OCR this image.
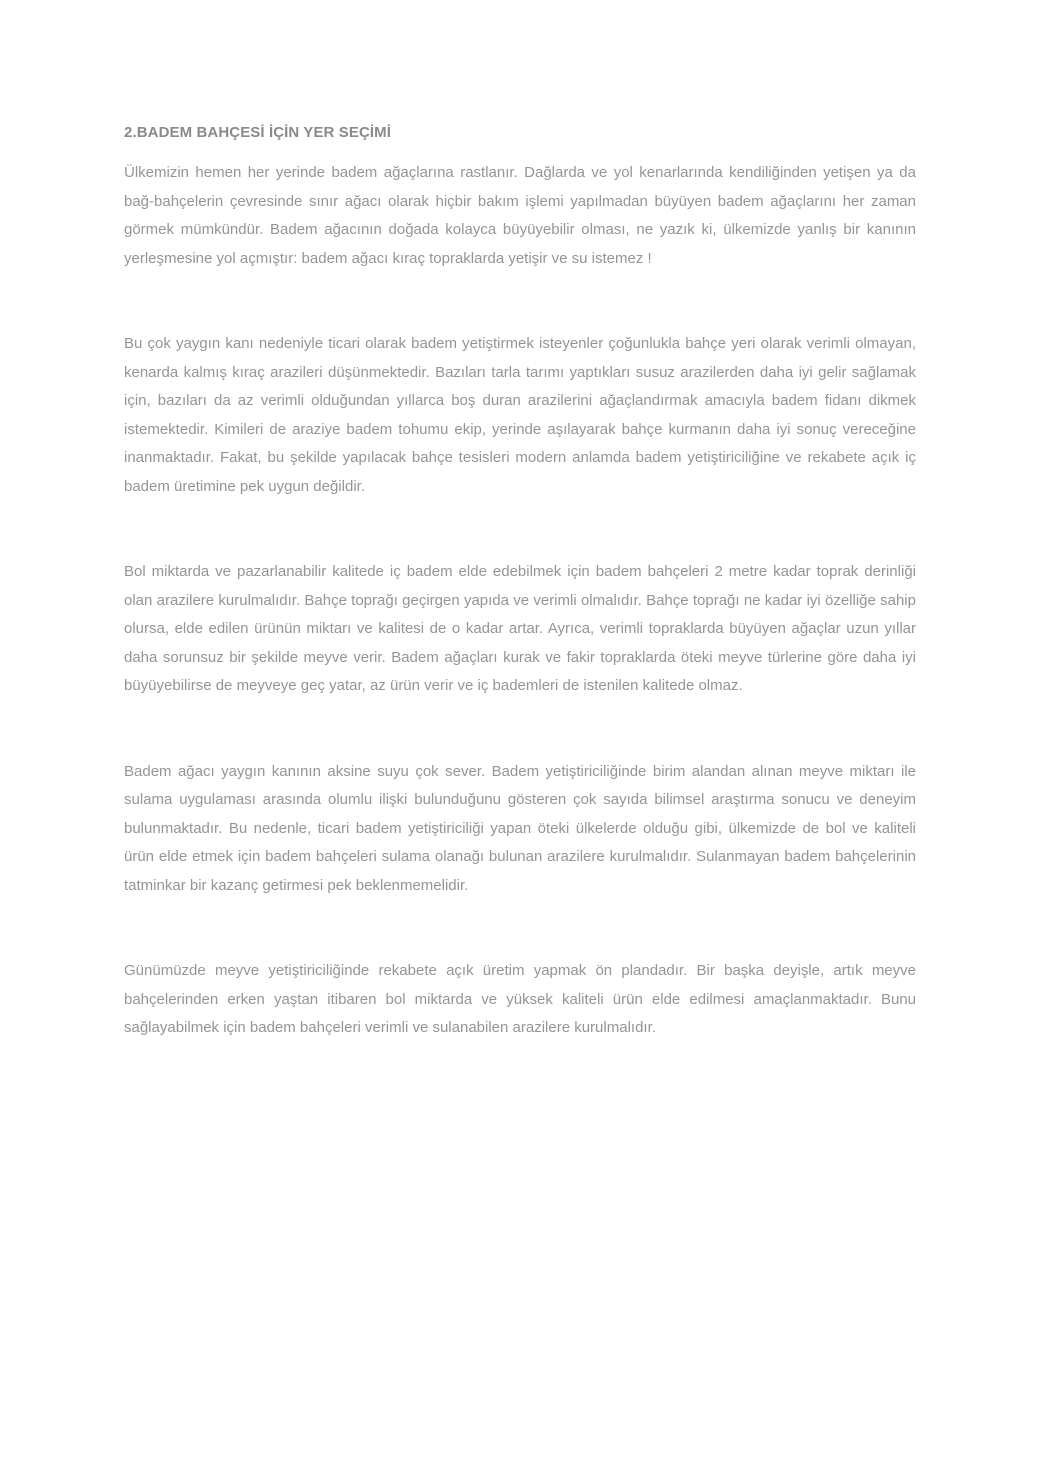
2.BADEM BAHÇESİ İÇİN YER SEÇİMİ

Ülkemizin hemen her yerinde badem ağaçlarına rastlanır. Dağlarda ve yol kenarlarında kendiliğinden yetişen ya da bağ-bahçelerin çevresinde sınır ağacı olarak hiçbir bakım işlemi yapılmadan büyüyen badem ağaçlarını her zaman görmek mümkündür. Badem ağacının doğada kolayca büyüyebilir olması, ne yazık ki, ülkemizde yanlış bir kanının yerleşmesine yol açmıştır: badem ağacı kıraç topraklarda yetişir ve su istemez !

Bu çok yaygın kanı nedeniyle ticari olarak badem yetiştirmek isteyenler çoğunlukla bahçe yeri olarak verimli olmayan, kenarda kalmış kıraç arazileri düşünmektedir. Bazıları tarla tarımı yaptıkları susuz arazilerden daha iyi gelir sağlamak için, bazıları da az verimli olduğundan yıllarca boş duran arazilerini ağaçlandırmak amacıyla badem fidanı dikmek istemektedir. Kimileri de araziye badem tohumu ekip, yerinde aşılayarak bahçe kurmanın daha iyi sonuç vereceğine inanmaktadır. Fakat, bu şekilde yapılacak bahçe tesisleri modern anlamda badem yetiştiriciliğine ve rekabete açık iç badem üretimine pek uygun değildir.

Bol miktarda ve pazarlanabilir kalitede iç badem elde edebilmek için badem bahçeleri 2 metre kadar toprak derinliği olan arazilere kurulmalıdır. Bahçe toprağı geçirgen yapıda ve verimli olmalıdır. Bahçe toprağı ne kadar iyi özelliğe sahip olursa, elde edilen ürünün miktarı ve kalitesi de o kadar artar. Ayrıca, verimli topraklarda büyüyen ağaçlar uzun yıllar daha sorunsuz bir şekilde meyve verir. Badem ağaçları kurak ve fakir topraklarda öteki meyve türlerine göre daha iyi büyüyebilirse de meyveye geç yatar, az ürün verir ve iç bademleri de istenilen kalitede olmaz.

Badem ağacı yaygın kanının aksine suyu çok sever. Badem yetiştiriciliğinde birim alandan alınan meyve miktarı ile sulama uygulaması arasında olumlu ilişki bulunduğunu gösteren çok sayıda bilimsel araştırma sonucu ve deneyim bulunmaktadır. Bu nedenle, ticari badem yetiştiriciliği yapan öteki ülkelerde olduğu gibi, ülkemizde de bol ve kaliteli ürün elde etmek için badem bahçeleri sulama olanağı bulunan arazilere kurulmalıdır. Sulanmayan badem bahçelerinin tatminkar bir kazanç getirmesi pek beklenmemelidir.

Günümüzde meyve yetiştiriciliğinde rekabete açık üretim yapmak ön plandadır. Bir başka deyişle, artık meyve bahçelerinden erken yaştan itibaren bol miktarda ve yüksek kaliteli ürün elde edilmesi amaçlanmaktadır. Bunu sağlayabilmek için badem bahçeleri verimli ve sulanabilen arazilere kurulmalıdır.
